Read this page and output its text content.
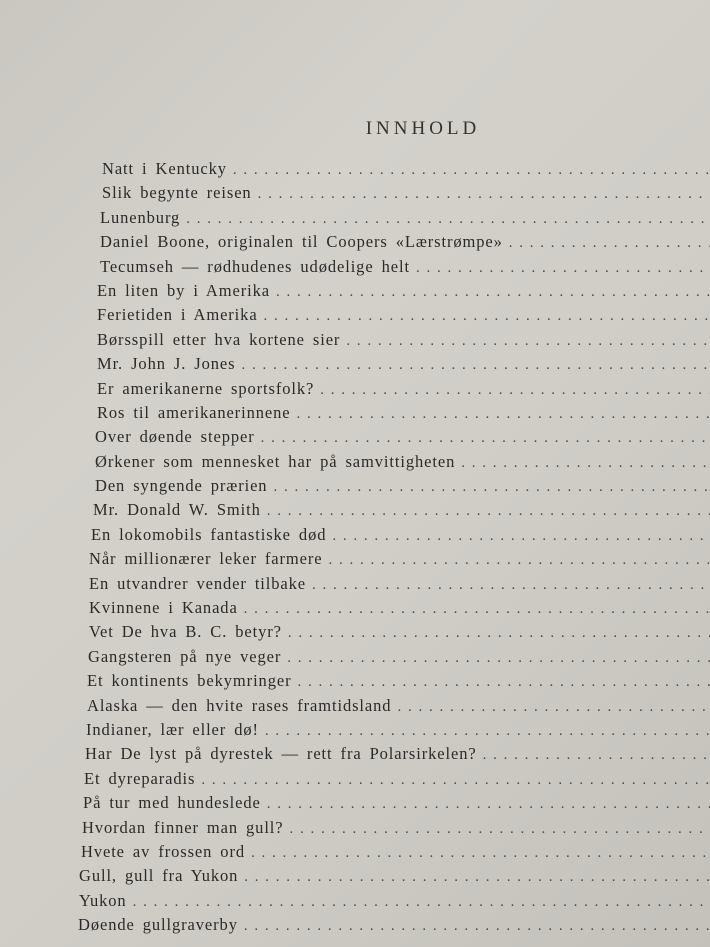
INNHOLD
Natt i Kentucky
. . .
Slik begynte reisen
. . .
Lunenburg
. . .
Daniel Boone, originalen til Coopers «Lærstrømpe»
. . .
Tecumseh — rødhudenes udødelige helt
. . .
En liten by i Amerika
. . .
Ferietiden i Amerika
. . .
Børsspill etter hva kortene sier
. . .
Mr. John J. Jones
. . .
Er amerikanerne sportsfolk?
. . .
Ros til amerikanerinnene
. . .
Over døende stepper
. . .
Ørkener som mennesket har på samvittigheten
. . .
Den syngende prærien
. . .
Mr. Donald W. Smith
. . .
En lokomobils fantastiske død
. . .
Når millionærer leker farmere
. . .
En utvandrer vender tilbake
. . .
Kvinnene i Kanada
. . .
Vet De hva B. C. betyr?
. . .
Gangsteren på nye veger
. . .
Et kontinents bekymringer
. . .
Alaska — den hvite rases framtidsland
. . .
Indianer, lær eller dø!
. . .
Har De lyst på dyrestek — rett fra Polarsirkelen?
. . .
Et dyreparadis
. . .
På tur med hundeslede
. . .
Hvordan finner man gull?
. . .
Hvete av frossen ord
. . .
Gull, gull fra Yukon
. . .
Yukon
. . .
Døende gullgraverby
. . .
